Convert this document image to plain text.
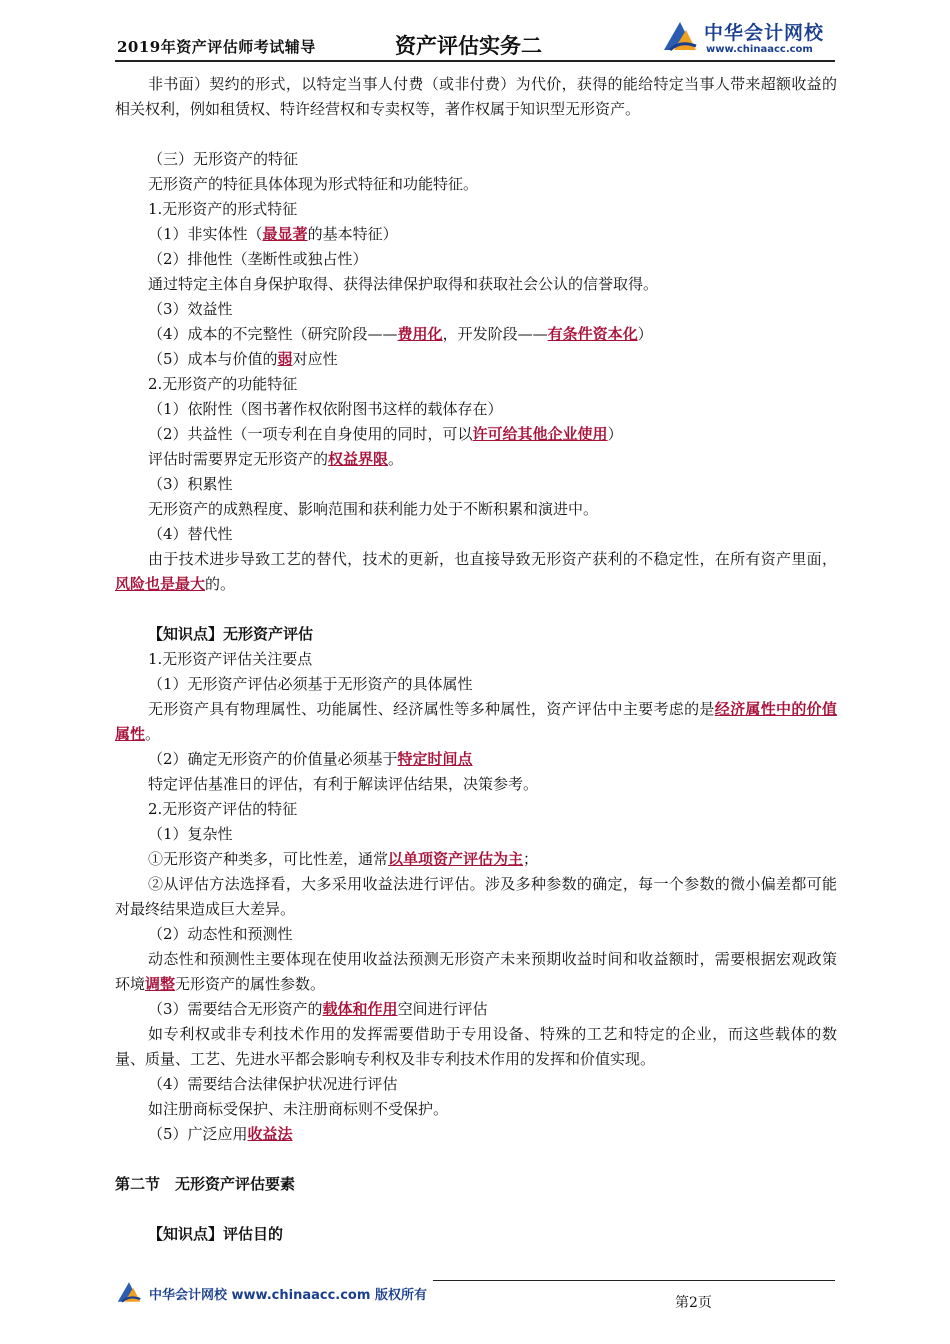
2019年资产评估师考试辅导	资产评估实务二	中华会计网校
www.chinaacc.com

非书面）契约的形式，以特定当事人付费（或非付费）为代价，获得的能给特定当事人带来超额收益的相关权利，例如租赁权、特许经营权和专卖权等，著作权属于知识型无形资产。

（三）无形资产的特征

无形资产的特征具体体现为形式特征和功能特征。

1.无形资产的形式特征

（1）非实体性（最显著的基本特征）

（2）排他性（垄断性或独占性）

通过特定主体自身保护取得、获得法律保护取得和获取社会公认的信誉取得。

（3）效益性

（4）成本的不完整性（研究阶段——费用化，开发阶段——有条件资本化）

（5）成本与价值的弱对应性

2.无形资产的功能特征

（1）依附性（图书著作权依附图书这样的载体存在）

（2）共益性（一项专利在自身使用的同时，可以许可给其他企业使用）

评估时需要界定无形资产的权益界限。

（3）积累性

无形资产的成熟程度、影响范围和获利能力处于不断积累和演进中。

（4）替代性

由于技术进步导致工艺的替代，技术的更新，也直接导致无形资产获利的不稳定性，在所有资产里面，风险也是最大的。

【知识点】无形资产评估

1.无形资产评估关注要点

（1）无形资产评估必须基于无形资产的具体属性

无形资产具有物理属性、功能属性、经济属性等多种属性，资产评估中主要考虑的是经济属性中的价值属性。

（2）确定无形资产的价值量必须基于特定时间点

特定评估基准日的评估，有利于解读评估结果，决策参考。

2.无形资产评估的特征

（1）复杂性

①无形资产种类多，可比性差，通常以单项资产评估为主；

②从评估方法选择看，大多采用收益法进行评估。涉及多种参数的确定，每一个参数的微小偏差都可能对最终结果造成巨大差异。

（2）动态性和预测性

动态性和预测性主要体现在使用收益法预测无形资产未来预期收益时间和收益额时，需要根据宏观政策环境调整无形资产的属性参数。

（3）需要结合无形资产的载体和作用空间进行评估

如专利权或非专利技术作用的发挥需要借助于专用设备、特殊的工艺和特定的企业，而这些载体的数量、质量、工艺、先进水平都会影响专利权及非专利技术作用的发挥和价值实现。

（4）需要结合法律保护状况进行评估

如注册商标受保护、未注册商标则不受保护。

（5）广泛应用收益法

第二节　无形资产评估要素

【知识点】评估目的

中华会计网校 www.chinaacc.com 版权所有	第2页
